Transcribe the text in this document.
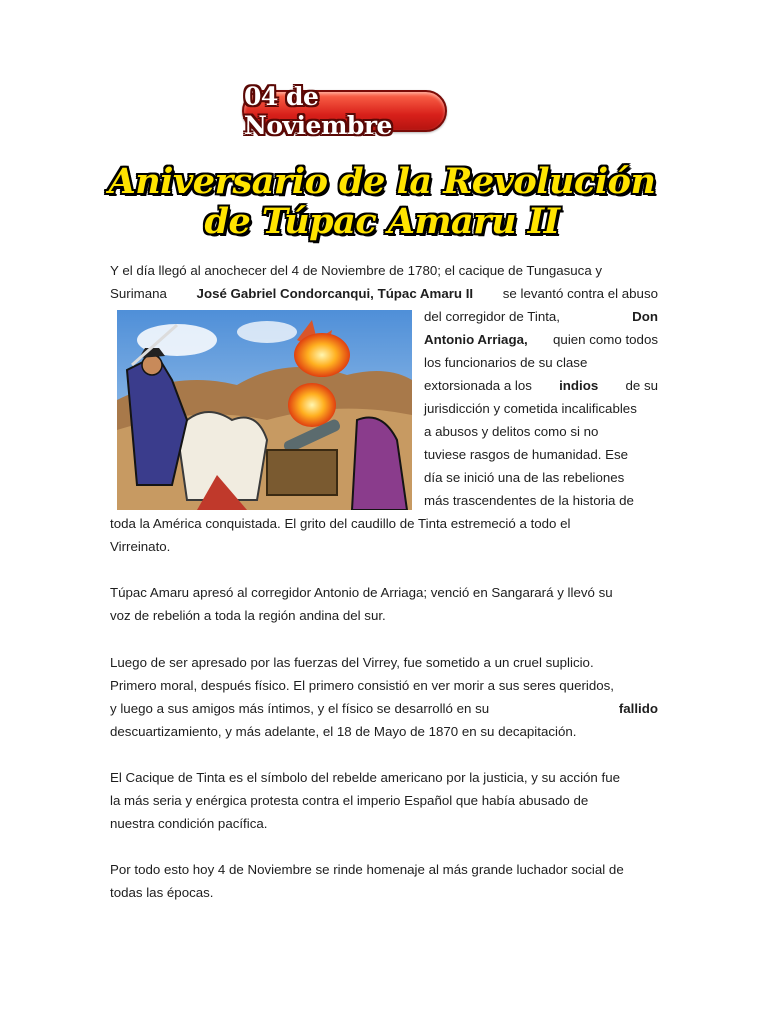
04 de Noviembre
Aniversario de la Revolución
de Túpac Amaru II
Y el día llegó al anochecer del 4 de Noviembre de 1780; el cacique de Tungasuca y
Surimana José Gabriel Condorcanqui, Túpac Amaru II se levantó contra el abuso
del corregidor de Tinta,	Don
Antonio Arriaga, quien como todos
los funcionarios de su clase
extorsionada a los indios de su
jurisdicción y cometida incalificables
a abusos y delitos como si no
tuviese rasgos de humanidad. Ese
día se inició una de las rebeliones
más trascendentes de la historia de
toda la América conquistada. El grito del caudillo de Tinta estremeció a todo el
Virreinato.
Túpac Amaru apresó al corregidor Antonio de Arriaga; venció en Sangarará y llevó su
voz de rebelión a toda la región andina del sur.
Luego de ser apresado por las fuerzas del Virrey, fue sometido a un cruel suplicio.
Primero moral, después físico. El primero consistió en ver morir a sus seres queridos,
y luego a sus amigos más íntimos, y el físico se desarrolló en su	fallido
descuartizamiento, y más adelante, el 18 de Mayo de 1870 en su decapitación.
El Cacique de Tinta es el símbolo del rebelde americano por la justicia, y su acción fue
la más seria y enérgica protesta contra el imperio Español que había abusado de
nuestra condición pacífica.
Por todo esto hoy 4 de Noviembre se rinde homenaje al más grande luchador social de
todas las épocas.
